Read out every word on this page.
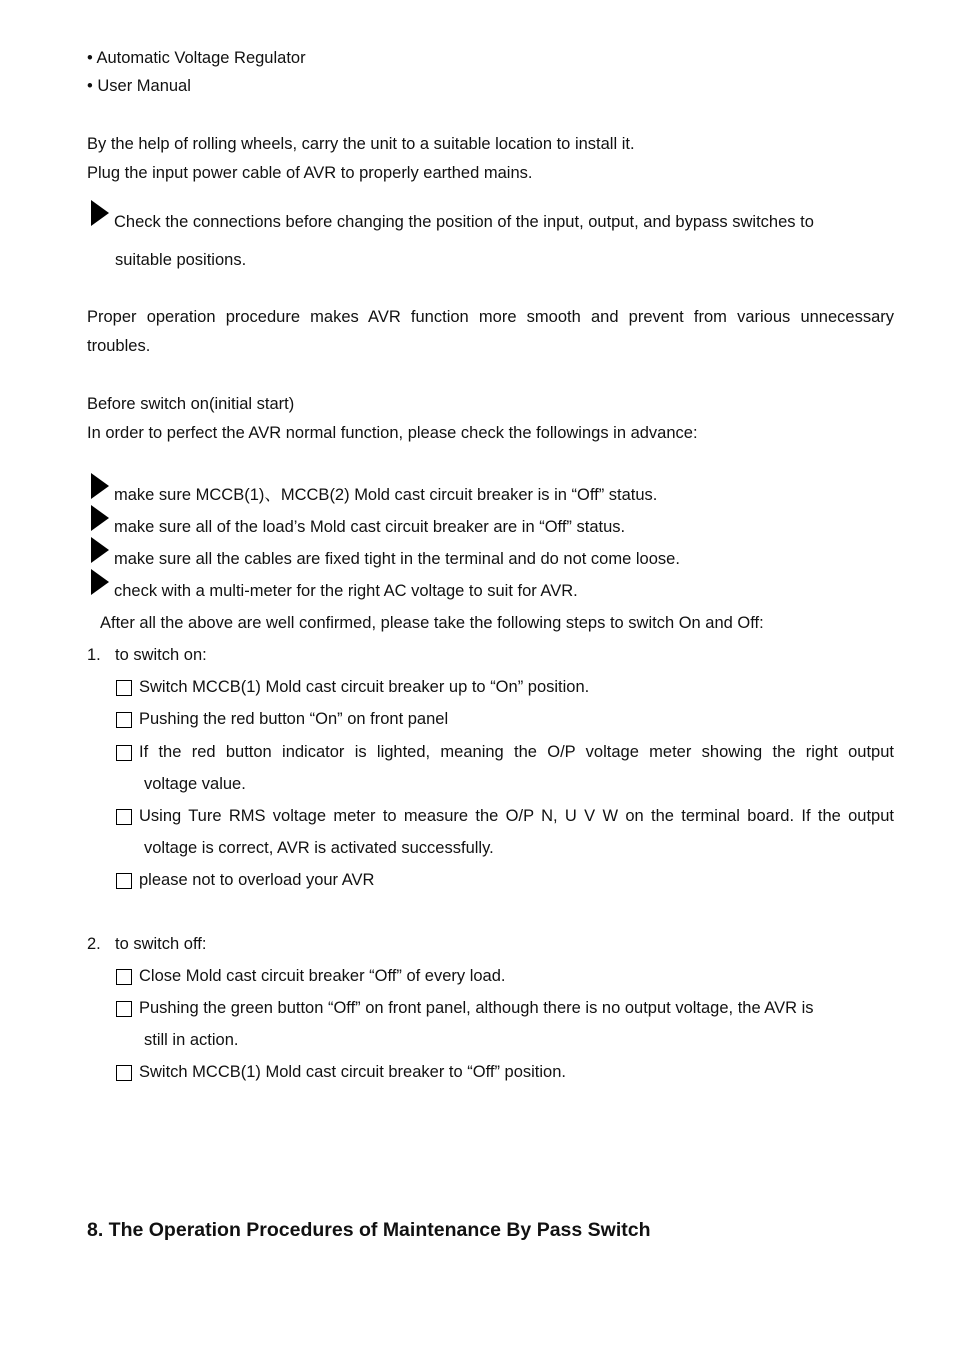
• Automatic Voltage Regulator
• User Manual
By the help of rolling wheels, carry the unit to a suitable location to install it.
Plug the input power cable of AVR to properly earthed mains.
Check the connections before changing the position of the input, output, and bypass switches to
suitable positions.
Proper operation procedure makes AVR function more smooth and prevent from various unnecessary
troubles.
Before switch on(initial start)
In order to perfect the AVR normal function, please check the followings in advance:
make sure MCCB(1)、MCCB(2) Mold cast circuit breaker is in “Off” status.
make sure all of the load’s Mold cast circuit breaker are in “Off” status.
make sure all the cables are fixed tight in the terminal and do not come loose.
check with a multi-meter for the right AC voltage to suit for AVR.
After all the above are well confirmed, please take the following steps to switch On and Off:
1. to switch on:
Switch MCCB(1) Mold cast circuit breaker up to “On” position.
Pushing the red button “On” on front panel
If the red button indicator is lighted, meaning the O/P voltage meter showing the right output
voltage value.
Using Ture RMS voltage meter to measure the O/P N, U V W on the terminal board. If the output
voltage is correct, AVR is activated successfully.
please not to overload your AVR
2. to switch off:
Close Mold cast circuit breaker “Off” of every load.
Pushing the green button “Off” on front panel, although there is no output voltage, the AVR is
still in action.
Switch MCCB(1) Mold cast circuit breaker to “Off” position.
8. The Operation Procedures of Maintenance By Pass Switch
